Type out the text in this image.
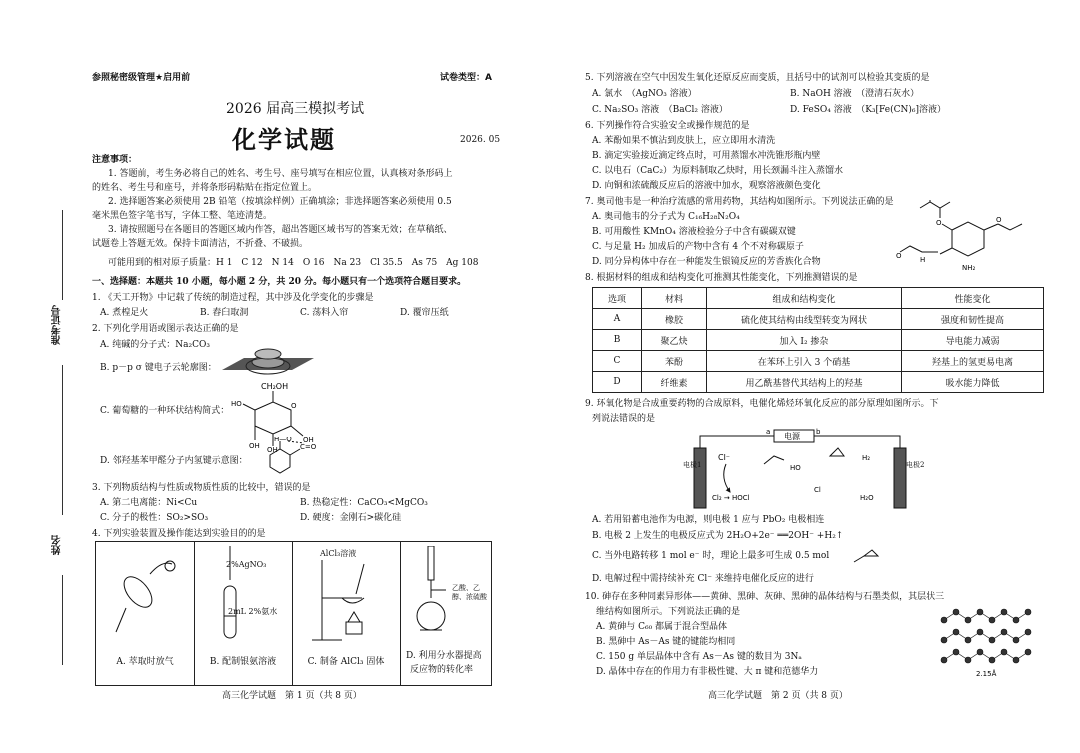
参照秘密级管理★启用前	试卷类型：A
2026 届高三模拟考试
化学试题	2026. 05
注意事项：
1. 答题前，考生务必将自己的姓名、考生号、座号填写在相应位置，认真核对条形码上
的姓名、考生号和座号，并将条形码粘贴在指定位置上。
2. 选择题答案必须使用 2B 铅笔（按填涂样例）正确填涂；非选择题答案必须使用 0.5
毫米黑色签字笔书写，字体工整、笔迹清楚。
3. 请按照题号在各题目的答题区域内作答，超出答题区域书写的答案无效；在草稿纸、
试题卷上答题无效。保持卡面清洁，不折叠、不破损。
可能用到的相对原子质量：H 1　C 12　N 14　O 16　Na 23　Cl 35.5　As 75　Ag 108
一、选择题：本题共 10 小题，每小题 2 分，共 20 分。每小题只有一个选项符合题目要求。
1. 《天工开物》中记载了传统的制造过程，其中涉及化学变化的步骤是
A. 煮楻足火	B. 舂臼取洞	C. 荡料入帘	D. 覆帘压纸
2. 下列化学用语或图示表达正确的是
A. 纯碱的分子式：Na₂CO₃
B. p－p σ 键电子云轮廓图：
C. 葡萄糖的一种环状结构简式：
CH₂OH
O
HO
OH OH
OH
D. 邻羟基苯甲醛分子内氢键示意图：
H—O
C=O
3. 下列物质结构与性质或物质性质的比较中，错误的是
A. 第二电离能：Ni<Cu	B. 热稳定性：CaCO₃<MgCO₃
C. 分子的极性：SO₂>SO₃	D. 硬度：金刚石>碳化硅
4. 下列实验装置及操作能达到实验目的的是
A. 萃取时放气
2%AgNO₃
2mL 2%氨水
B. 配制银氨溶液
AlCl₃溶液
C. 制备 AlCl₃ 固体
乙酸、乙醇、浓硫酸
D. 利用分水器提高
反应物的转化率
准考证号
姓名
高三化学试题　第 1 页（共 8 页）
5. 下列溶液在空气中因发生氧化还原反应而变质，且括号中的试剂可以检验其变质的是
A. 氯水　（AgNO₃ 溶液）	B. NaOH 溶液　（澄清石灰水）
C. Na₂SO₃ 溶液　（BaCl₂ 溶液）	D. FeSO₄ 溶液　（K₃[Fe(CN)₆]溶液）
6. 下列操作符合实验安全或操作规范的是
A. 苯酚如果不慎沾到皮肤上，应立即用水清洗
B. 滴定实验接近滴定终点时，可用蒸馏水冲洗锥形瓶内壁
C. 以电石（CaC₂）为原料制取乙炔时，用长颈漏斗注入蒸馏水
D. 向铜和浓硫酸反应后的溶液中加水，观察溶液颜色变化
7. 奥司他韦是一种治疗流感的常用药物，其结构如图所示。下列说法正确的是
A. 奥司他韦的分子式为 C₁₆H₂₈N₂O₄
B. 可用酸性 KMnO₄ 溶液检验分子中含有碳碳双键
C. 与足量 H₂ 加成后的产物中含有 4 个不对称碳原子
D. 同分异构体中存在一种能发生银镜反应的芳香族化合物
O	O
O	H
NH₂
8. 根据材料的组成和结构变化可推测其性能变化，下列推测错误的是
选项	材料	组成和结构变化	性能变化
A	橡胶	硫化使其结构由线型转变为网状	强度和韧性提高
B	聚乙炔	加入 I₂ 掺杂	导电能力减弱
C	苯酚	在苯环上引入 3 个硝基	羟基上的氢更易电离
D	纤维素	用乙酰基替代其结构上的羟基	吸水能力降低
9. 环氧化物是合成重要药物的合成原料，电催化烯烃环氧化反应的部分原理如图所示。下
列说法错误的是
电源
a	b
Cl⁻
Cl₂ → HOCl
HO
Cl
H₂
H₂O
电极1	电极2
A. 若用铅蓄电池作为电源，则电极 1 应与 PbO₂ 电极相连
B. 电极 2 上发生的电极反应式为 2H₂O+2e⁻ ══2OH⁻ +H₂↑
C. 当外电路转移 1 mol e⁻ 时，理论上最多可生成 0.5 mol
D. 电解过程中需持续补充 Cl⁻ 来维持电催化反应的进行
10. 砷存在多种同素异形体——黄砷、黑砷、灰砷、黑砷的晶体结构与石墨类似，其层状三
维结构如图所示。下列说法正确的是
A. 黄砷与 C₆₀ 都属于混合型晶体
B. 黑砷中 As－As 键的键能均相同
C. 150 g 单层晶体中含有 As－As 键的数目为 3Nₐ
D. 晶体中存在的作用力有非极性键、大 π 键和范德华力	2.15Å
高三化学试题　第 2 页（共 8 页）
